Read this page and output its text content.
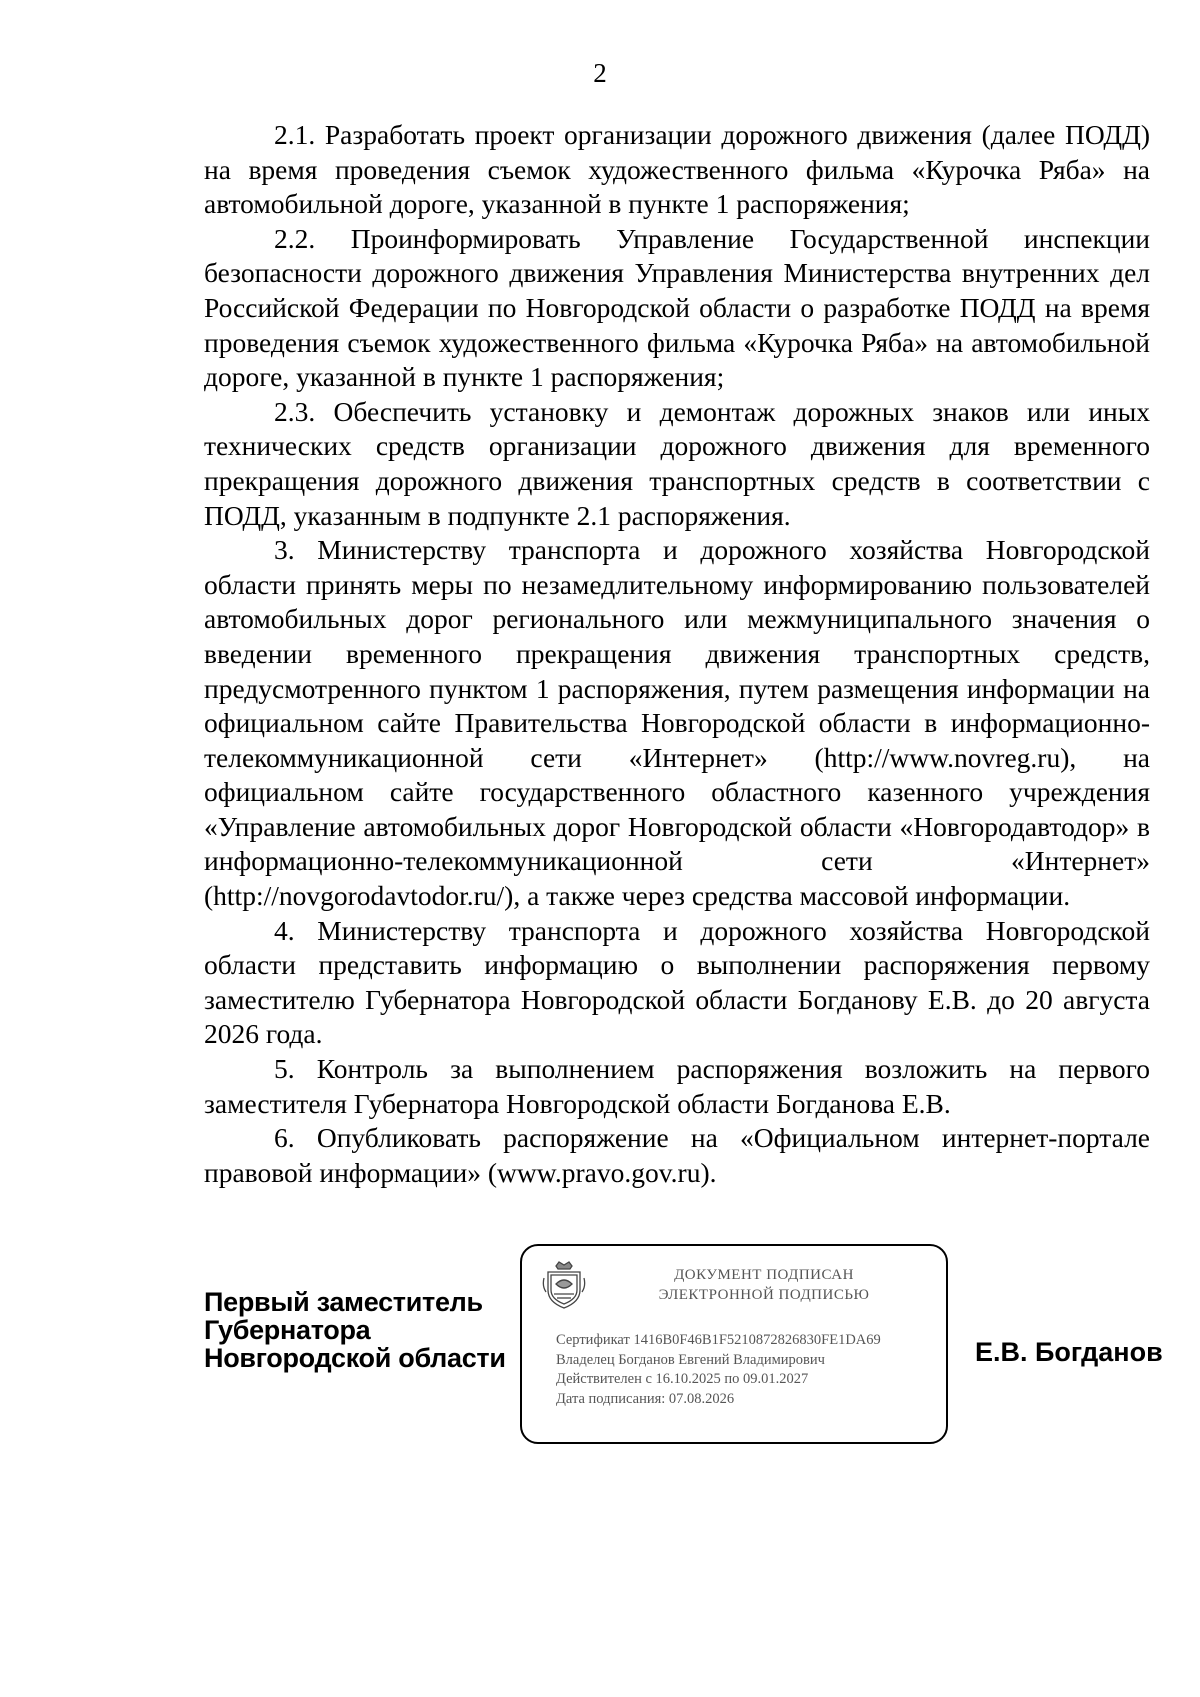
2

2.1. Разработать проект организации дорожного движения (далее ПОДД) на время проведения съемок художественного фильма «Курочка Ряба» на автомобильной дороге, указанной в пункте 1 распоряжения;

2.2. Проинформировать Управление Государственной инспекции безопасности дорожного движения Управления Министерства внутренних дел Российской Федерации по Новгородской области о разработке ПОДД на время проведения съемок художественного фильма «Курочка Ряба» на автомобильной дороге, указанной в пункте 1 распоряжения;

2.3. Обеспечить установку и демонтаж дорожных знаков или иных технических средств организации дорожного движения для временного прекращения дорожного движения транспортных средств в соответствии с ПОДД, указанным в подпункте 2.1 распоряжения.

3. Министерству транспорта и дорожного хозяйства Новгородской области принять меры по незамедлительному информированию пользователей автомобильных дорог регионального или межмуниципального значения о введении временного прекращения движения транспортных средств, предусмотренного пунктом 1 распоряжения, путем размещения информации на официальном сайте Правительства Новгородской области в информационно-телекоммуникационной сети «Интернет» (http://www.novreg.ru), на официальном сайте государственного областного казенного учреждения «Управление автомобильных дорог Новгородской области «Новгородавтодор» в информационно-телекоммуникационной сети «Интернет» (http://novgorodavtodor.ru/), а также через средства массовой информации.

4. Министерству транспорта и дорожного хозяйства Новгородской области представить информацию о выполнении распоряжения первому заместителю Губернатора Новгородской области Богданову Е.В. до 20 августа 2026 года.

5. Контроль за выполнением распоряжения возложить на первого заместителя Губернатора Новгородской области Богданова Е.В.

6. Опубликовать распоряжение на «Официальном интернет-портале правовой информации» (www.pravo.gov.ru).

Первый заместитель
Губернатора
Новгородской области
ДОКУМЕНТ ПОДПИСАН
ЭЛЕКТРОННОЙ ПОДПИСЬЮ
Сертификат 1416B0F46B1F5210872826830FE1DA69
Владелец Богданов Евгений Владимирович
Действителен с 16.10.2025 по 09.01.2027
Дата подписания: 07.08.2026
Е.В. Богданов
